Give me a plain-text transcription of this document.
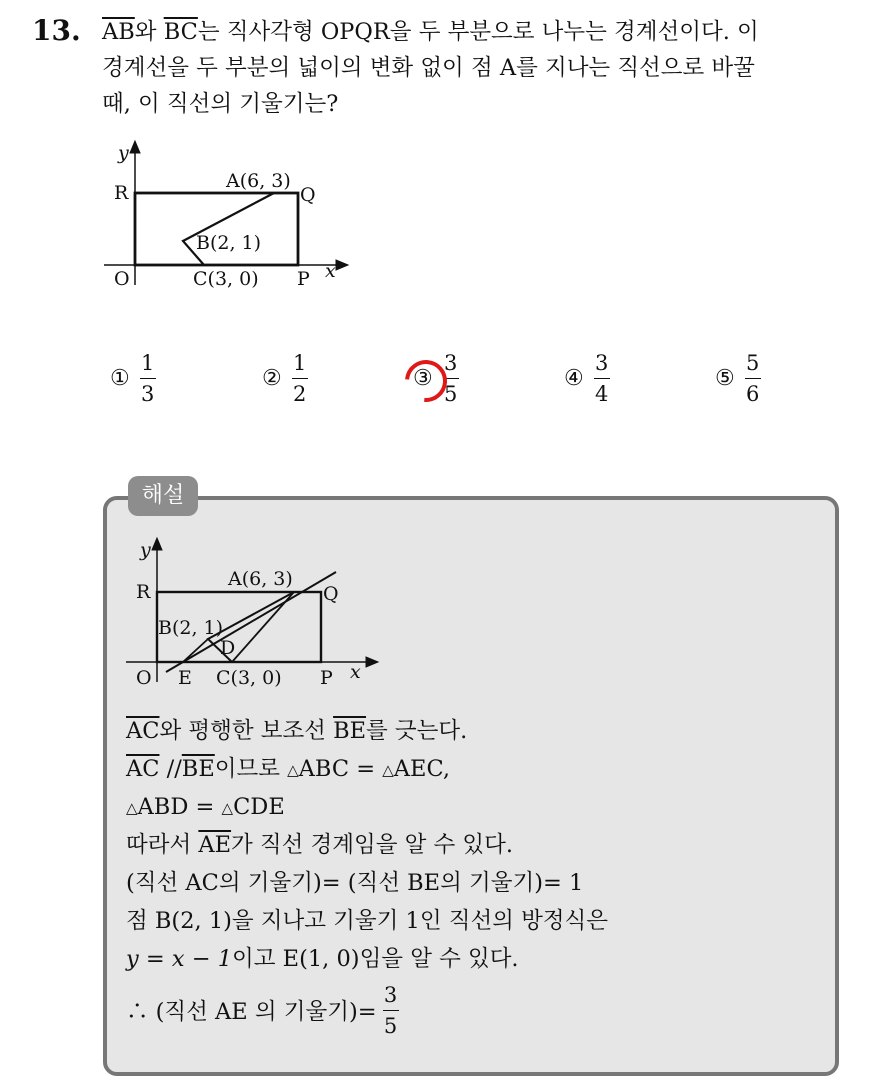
13. $\overline{AB}$와 $\overline{BC}$는 직사각형 OPQR을 두 부분으로 나누는 경계선이다. 이
경계선을 두 부분의 넓이의 변화 없이 점 A를 지나는 직선으로 바꿀
때, 이 직선의 기울기는?
y
R
A(6, 3)
Q
B(2, 1)
O	C(3, 0) P x
① $\frac{1}{3}$	② $\frac{1}{2}$	③ $\frac{3}{5}$	④ $\frac{3}{4}$	⑤ $\frac{5}{6}$
해설
y
R
A(6, 3)
Q
B(2, 1)
D
O E C(3, 0) P x
$\overline{AC}$와 평행한 보조선 $\overline{BE}$를 긋는다.
$\overline{AC}$ $//\overline{BE}$이므로 △ABC = △AEC,
△ABD = △CDE
따라서 $\overline{AE}$가 직선 경계임을 알 수 있다.
(직선 AC의 기울기)= (직선 BE의 기울기)= 1
점 B(2, 1)을 지나고 기울기 1인 직선의 방정식은
y = x − 1이고 E(1, 0)임을 알 수 있다.
∴ (직선 AE 의 기울기)= $\frac{3}{5}$
